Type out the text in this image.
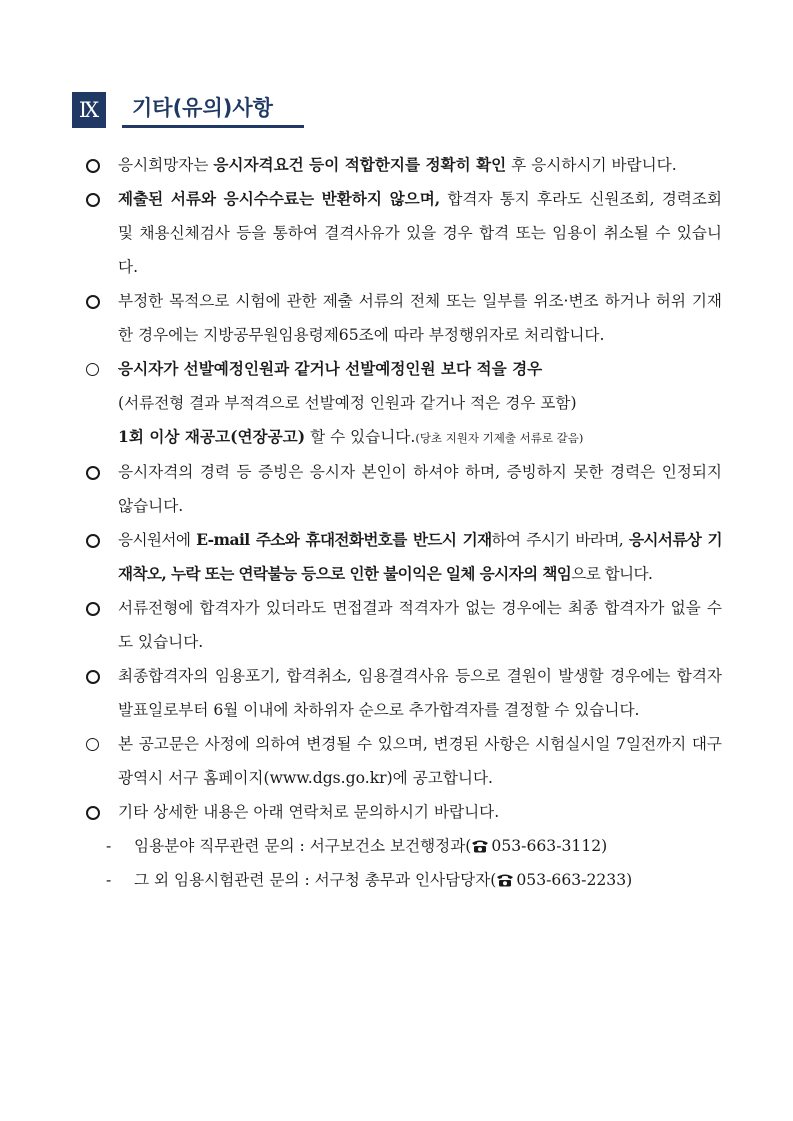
Ⅸ	기타(유의)사항
응시희망자는 응시자격요건 등이 적합한지를 정확히 확인 후 응시하시기 바랍니다.
제출된 서류와 응시수수료는 반환하지 않으며, 합격자 통지 후라도 신원조회, 경력조회 및 채용신체검사 등을 통하여 결격사유가 있을 경우 합격 또는 임용이 취소될 수 있습니다.
부정한 목적으로 시험에 관한 제출 서류의 전체 또는 일부를 위조·변조 하거나 허위 기재한 경우에는 지방공무원임용령제65조에 따라 부정행위자로 처리합니다.
응시자가 선발예정인원과 같거나 선발예정인원 보다 적을 경우
(서류전형 결과 부적격으로 선발예정 인원과 같거나 적은 경우 포함)
1회 이상 재공고(연장공고) 할 수 있습니다.(당초 지원자 기제출 서류로 갈음)
응시자격의 경력 등 증빙은 응시자 본인이 하셔야 하며, 증빙하지 못한 경력은 인정되지 않습니다.
응시원서에 E-mail 주소와 휴대전화번호를 반드시 기재하여 주시기 바라며, 응시서류상 기재착오, 누락 또는 연락불능 등으로 인한 불이익은 일체 응시자의 책임으로 합니다.
서류전형에 합격자가 있더라도 면접결과 적격자가 없는 경우에는 최종 합격자가 없을 수도 있습니다.
최종합격자의 임용포기, 합격취소, 임용결격사유 등으로 결원이 발생할 경우에는 합격자 발표일로부터 6월 이내에 차하위자 순으로 추가합격자를 결정할 수 있습니다.
본 공고문은 사정에 의하여 변경될 수 있으며, 변경된 사항은 시험실시일 7일전까지 대구광역시 서구 홈페이지(www.dgs.go.kr)에 공고합니다.
기타 상세한 내용은 아래 연락처로 문의하시기 바랍니다.
- 임용분야 직무관련 문의 : 서구보건소 보건행정과( 053-663-3112)
- 그 외 임용시험관련 문의 : 서구청 총무과 인사담당자( 053-663-2233)
